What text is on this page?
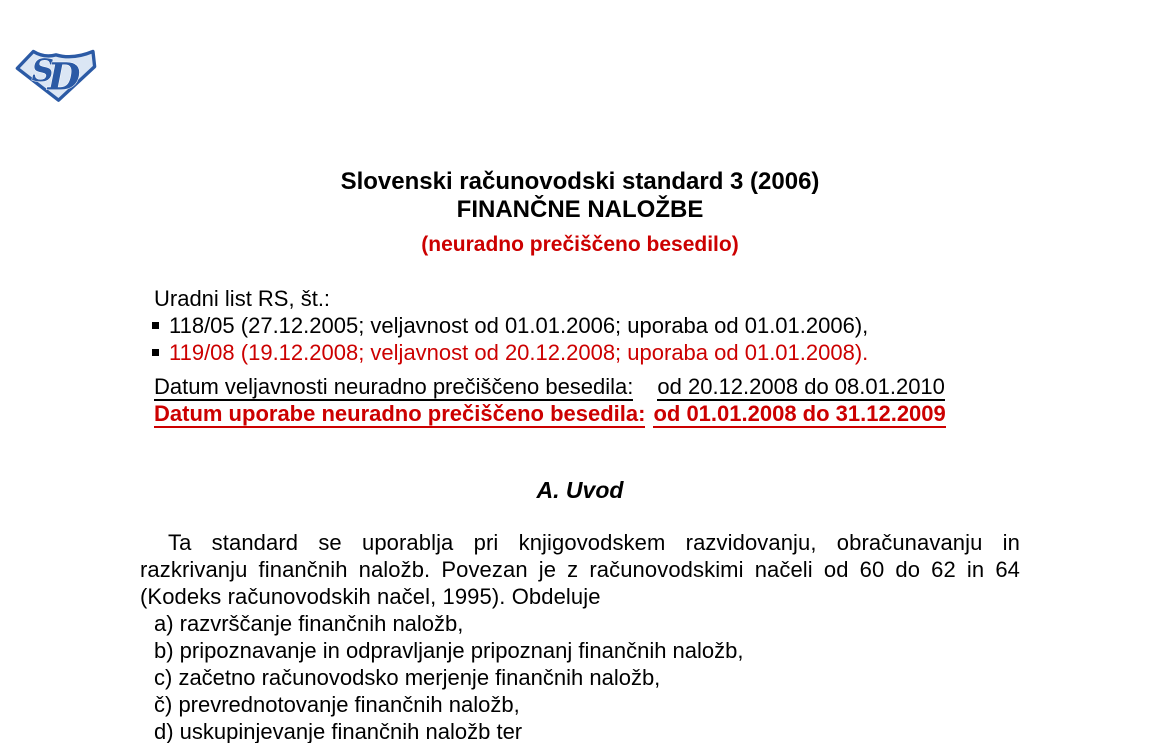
S
D
Slovenski računovodski standard 3 (2006)
FINANČNE NALOŽBE
(neuradno prečiščeno besedilo)
Uradni list RS, št.:
118/05 (27.12.2005; veljavnost od 01.01.2006; uporaba od 01.01.2006),
119/08 (19.12.2008; veljavnost od 20.12.2008; uporaba od 01.01.2008).
Datum veljavnosti neuradno prečiščeno besedila: od 20.12.2008 do 08.01.2010
Datum uporabe neuradno prečiščeno besedila: od 01.01.2008 do 31.12.2009
A. Uvod
Ta standard se uporablja pri knjigovodskem razvidovanju, obračunavanju in razkrivanju finančnih naložb. Povezan je z računovodskimi načeli od 60 do 62 in 64 (Kodeks računovodskih načel, 1995). Obdeluje
a) razvrščanje finančnih naložb,
b) pripoznavanje in odpravljanje pripoznanj finančnih naložb,
c) začetno računovodsko merjenje finančnih naložb,
č) prevrednotovanje finančnih naložb,
d) uskupinjevanje finančnih naložb ter
